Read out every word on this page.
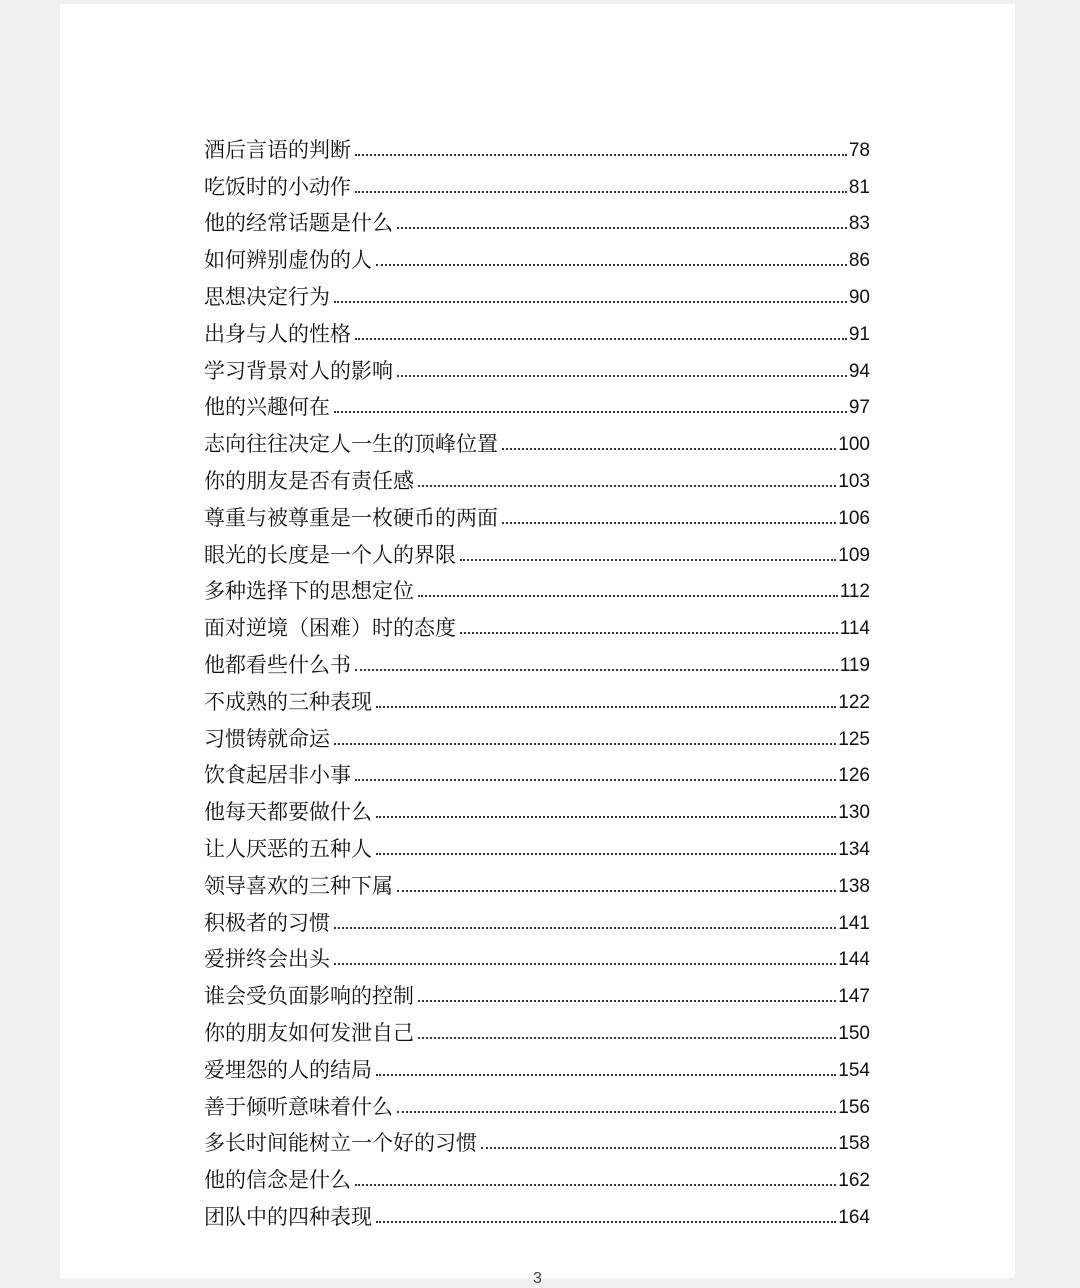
酒后言语的判断	78
吃饭时的小动作	81
他的经常话题是什么	83
如何辨别虚伪的人	86
思想决定行为	90
出身与人的性格	91
学习背景对人的影响	94
他的兴趣何在	97
志向往往决定人一生的顶峰位置	100
你的朋友是否有责任感	103
尊重与被尊重是一枚硬币的两面	106
眼光的长度是一个人的界限	109
多种选择下的思想定位	112
面对逆境（困难）时的态度	114
他都看些什么书	119
不成熟的三种表现	122
习惯铸就命运	125
饮食起居非小事	126
他每天都要做什么	130
让人厌恶的五种人	134
领导喜欢的三种下属	138
积极者的习惯	141
爱拼终会出头	144
谁会受负面影响的控制	147
你的朋友如何发泄自己	150
爱埋怨的人的结局	154
善于倾听意味着什么	156
多长时间能树立一个好的习惯	158
他的信念是什么	162
团队中的四种表现	164
3
